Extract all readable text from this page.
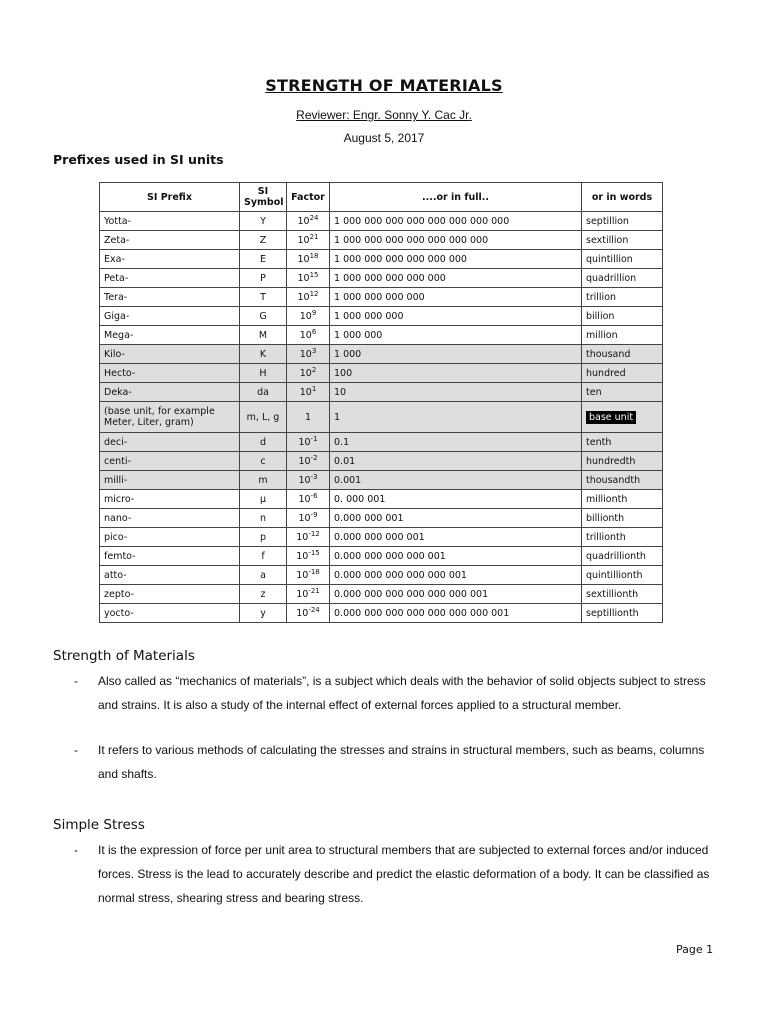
STRENGTH OF MATERIALS
Reviewer: Engr. Sonny Y. Cac Jr.
August 5, 2017
Prefixes used in SI units
SI Prefix	SI Symbol	Factor	....or in full..	or in words
Yotta-	Y	$10^{24}$	1 000 000 000 000 000 000 000 000	septillion
Zeta-	Z	$10^{21}$	1 000 000 000 000 000 000 000	sextillion
Exa-	E	$10^{18}$	1 000 000 000 000 000 000	quintillion
Peta-	P	$10^{15}$	1 000 000 000 000 000	quadrillion
Tera-	T	$10^{12}$	1 000 000 000 000	trillion
Giga-	G	$10^9$	1 000 000 000	billion
Mega-	M	$10^6$	1 000 000	million
Kilo-	K	$10^3$	1 000	thousand
Hecto-	H	$10^2$	100	hundred
Deka-	da	$10^1$	10	ten
(base unit, for example Meter, Liter, gram)	m, L, g	1	1	base unit
deci-	d	$10^{-1}$	0.1	tenth
centi-	c	$10^{-2}$	0.01	hundredth
milli-	m	$10^{-3}$	0.001	thousandth
micro-	μ	$10^{-6}$	0. 000 001	millionth
nano-	n	$10^{-9}$	0.000 000 001	billionth
pico-	p	$10^{-12}$	0.000 000 000 001	trillionth
femto-	f	$10^{-15}$	0.000 000 000 000 001	quadrillionth
atto-	a	$10^{-18}$	0.000 000 000 000 000 001	quintillionth
zepto-	z	$10^{-21}$	0.000 000 000 000 000 000 001	sextillionth
yocto-	y	$10^{-24}$	0.000 000 000 000 000 000 000 001	septillionth
Strength of Materials
- Also called as “mechanics of materials”, is a subject which deals with the behavior of solid objects subject to stress and strains. It is also a study of the internal effect of external forces applied to a structural member.
- It refers to various methods of calculating the stresses and strains in structural members, such as beams, columns and shafts.
Simple Stress
- It is the expression of force per unit area to structural members that are subjected to external forces and/or induced forces. Stress is the lead to accurately describe and predict the elastic deformation of a body. It can be classified as normal stress, shearing stress and bearing stress.
Page 1
